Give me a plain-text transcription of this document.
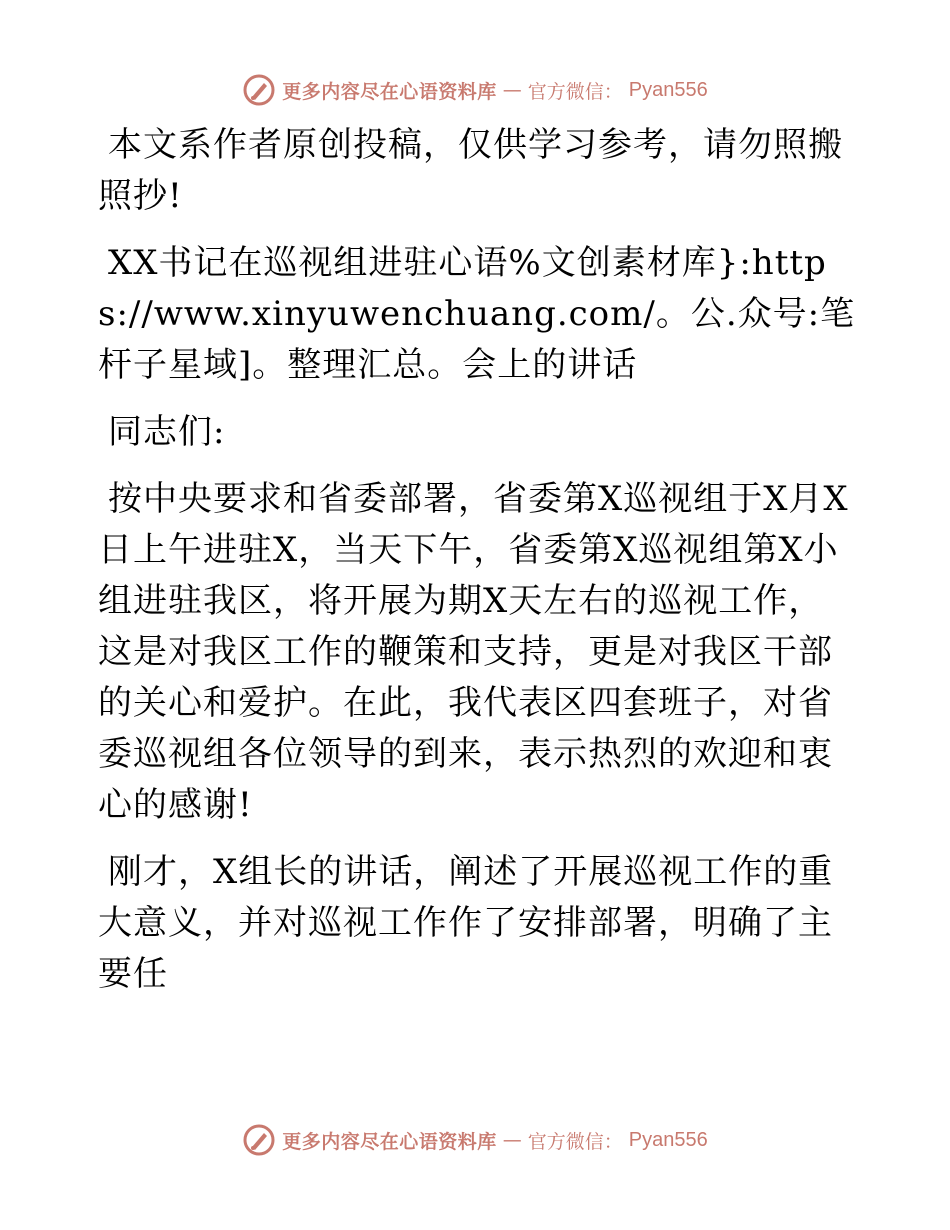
更多内容尽在心语资料库 — 官方微信： Pyan556

本文系作者原创投稿，仅供学习参考，请勿照搬照抄!

XX书记在巡视组进驻心语%文创素材库}:https://www.xinyuwenchuang.com/。公.众号:笔杆子星域]。整理汇总。会上的讲话

同志们:

按中央要求和省委部署，省委第X巡视组于X月X日上午进驻X，当天下午，省委第X巡视组第X小组进驻我区，将开展为期X天左右的巡视工作，这是对我区工作的鞭策和支持，更是对我区干部的关心和爱护。在此，我代表区四套班子，对省委巡视组各位领导的到来，表示热烈的欢迎和衷心的感谢!

刚才，X组长的讲话，阐述了开展巡视工作的重大意义，并对巡视工作作了安排部署，明确了主要任

更多内容尽在心语资料库 — 官方微信： Pyan556
